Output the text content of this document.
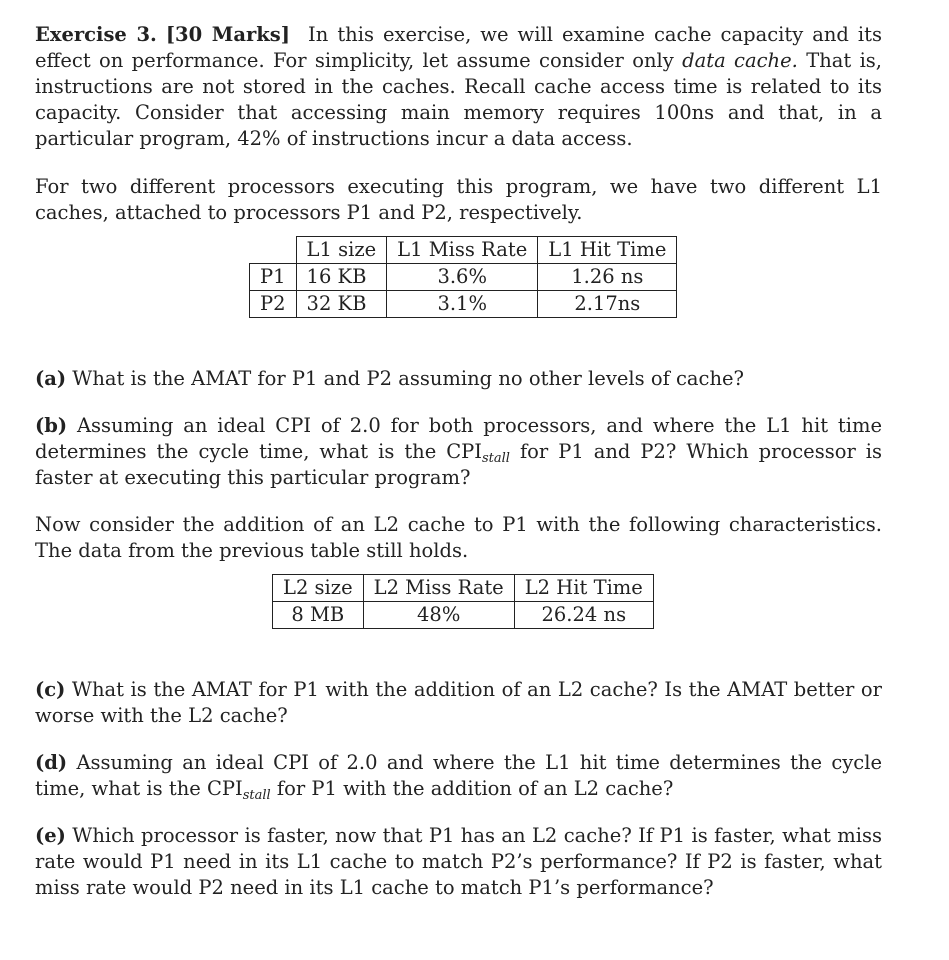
Exercise 3. [30 Marks] In this exercise, we will examine cache capacity and its effect on performance. For simplicity, let assume consider only data cache. That is, instructions are not stored in the caches. Recall cache access time is related to its capacity. Consider that accessing main memory requires 100ns and that, in a particular program, 42% of instructions incur a data access.

For two different processors executing this program, we have two different L1 caches, attached to processors P1 and P2, respectively.

	L1 size	L1 Miss Rate	L1 Hit Time
P1	16 KB	3.6%	1.26 ns
P2	32 KB	3.1%	2.17ns

(a) What is the AMAT for P1 and P2 assuming no other levels of cache?

(b) Assuming an ideal CPI of 2.0 for both processors, and where the L1 hit time determines the cycle time, what is the $CPI_{stall}$ for P1 and P2? Which processor is faster at executing this particular program?

Now consider the addition of an L2 cache to P1 with the following characteristics. The data from the previous table still holds.

L2 size	L2 Miss Rate	L2 Hit Time
8 MB	48%	26.24 ns

(c) What is the AMAT for P1 with the addition of an L2 cache? Is the AMAT better or worse with the L2 cache?

(d) Assuming an ideal CPI of 2.0 and where the L1 hit time determines the cycle time, what is the $CPI_{stall}$ for P1 with the addition of an L2 cache?

(e) Which processor is faster, now that P1 has an L2 cache? If P1 is faster, what miss rate would P1 need in its L1 cache to match P2’s performance? If P2 is faster, what miss rate would P2 need in its L1 cache to match P1’s performance?
